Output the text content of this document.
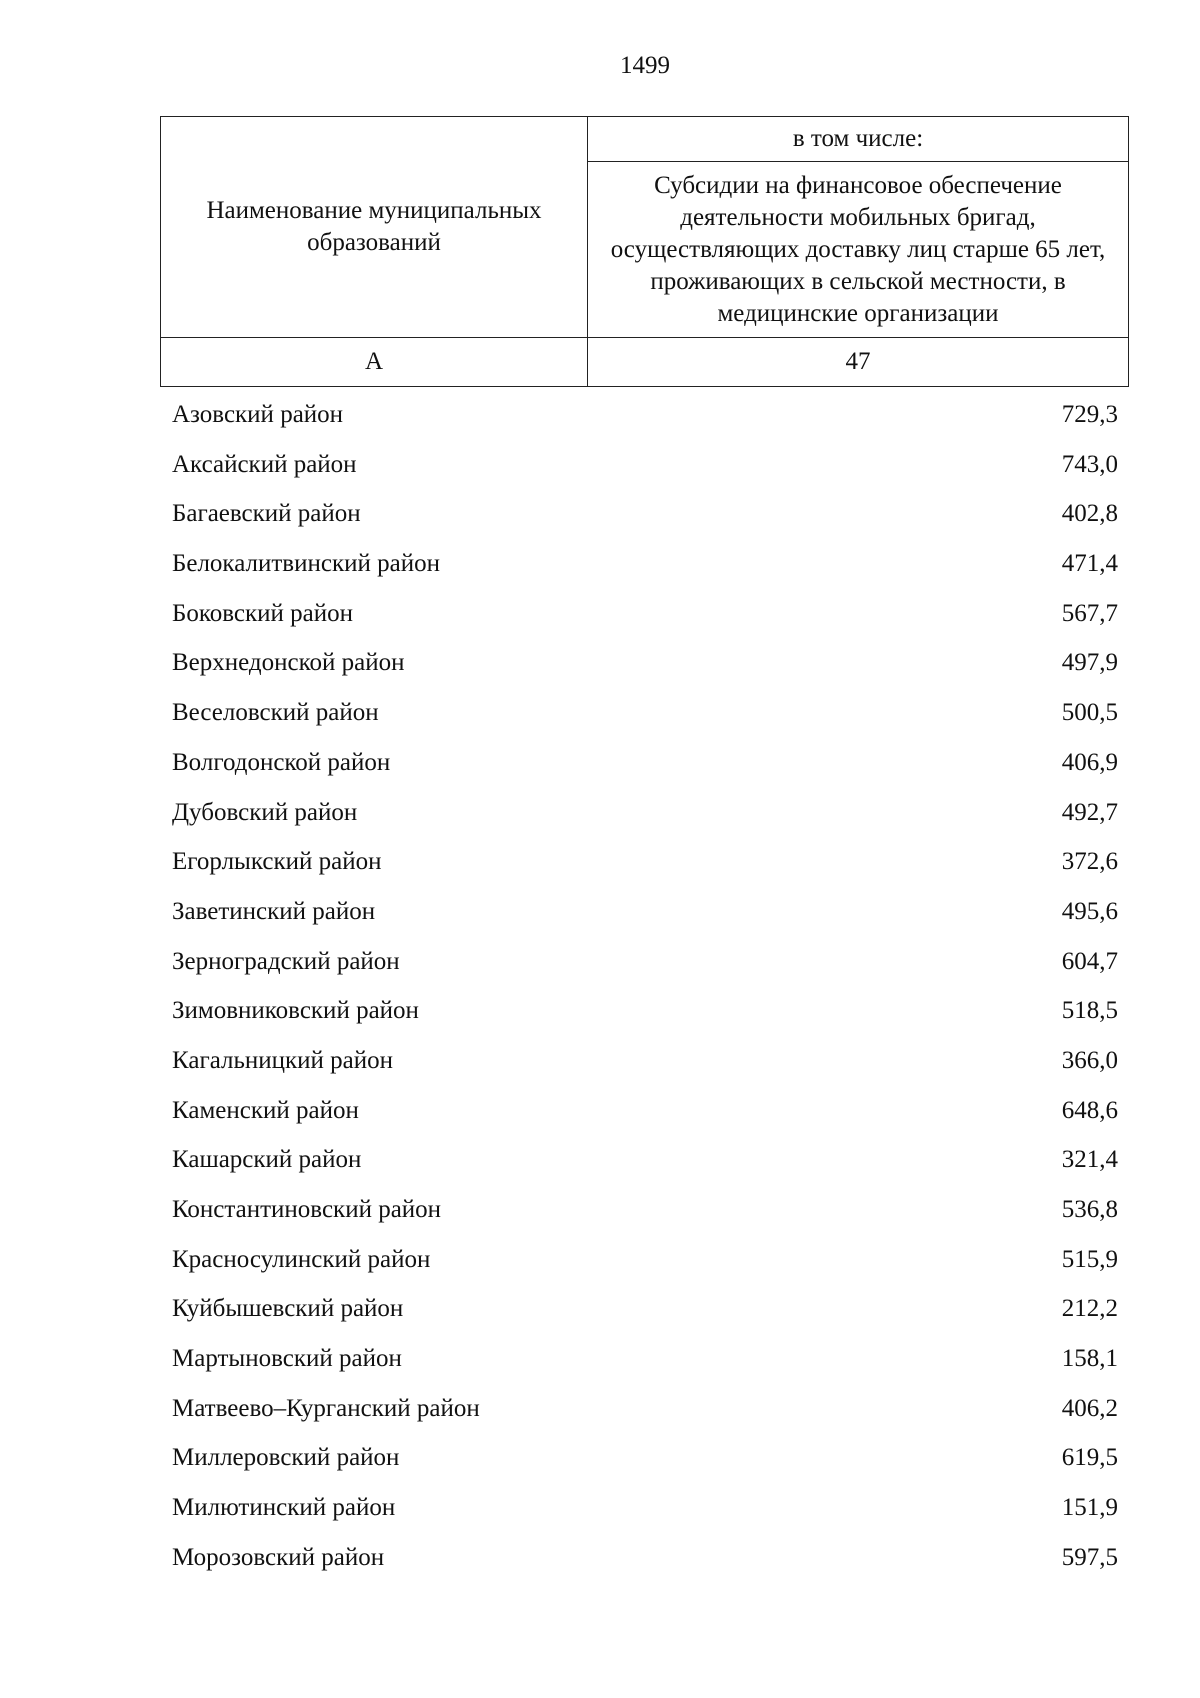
1499
Наименование муниципальных образований	в том числе:
	Субсидии на финансовое обеспечение деятельности мобильных бригад, осуществляющих доставку лиц старше 65 лет, проживающих в сельской местности, в медицинские организации
А	47
Азовский район	729,3
Аксайский район	743,0
Багаевский район	402,8
Белокалитвинский район	471,4
Боковский район	567,7
Верхнедонской район	497,9
Веселовский район	500,5
Волгодонской район	406,9
Дубовский район	492,7
Егорлыкский район	372,6
Заветинский район	495,6
Зерноградский район	604,7
Зимовниковский район	518,5
Кагальницкий район	366,0
Каменский район	648,6
Кашарский район	321,4
Константиновский район	536,8
Красносулинский район	515,9
Куйбышевский район	212,2
Мартыновский район	158,1
Матвеево–Курганский район	406,2
Миллеровский район	619,5
Милютинский район	151,9
Морозовский район	597,5
